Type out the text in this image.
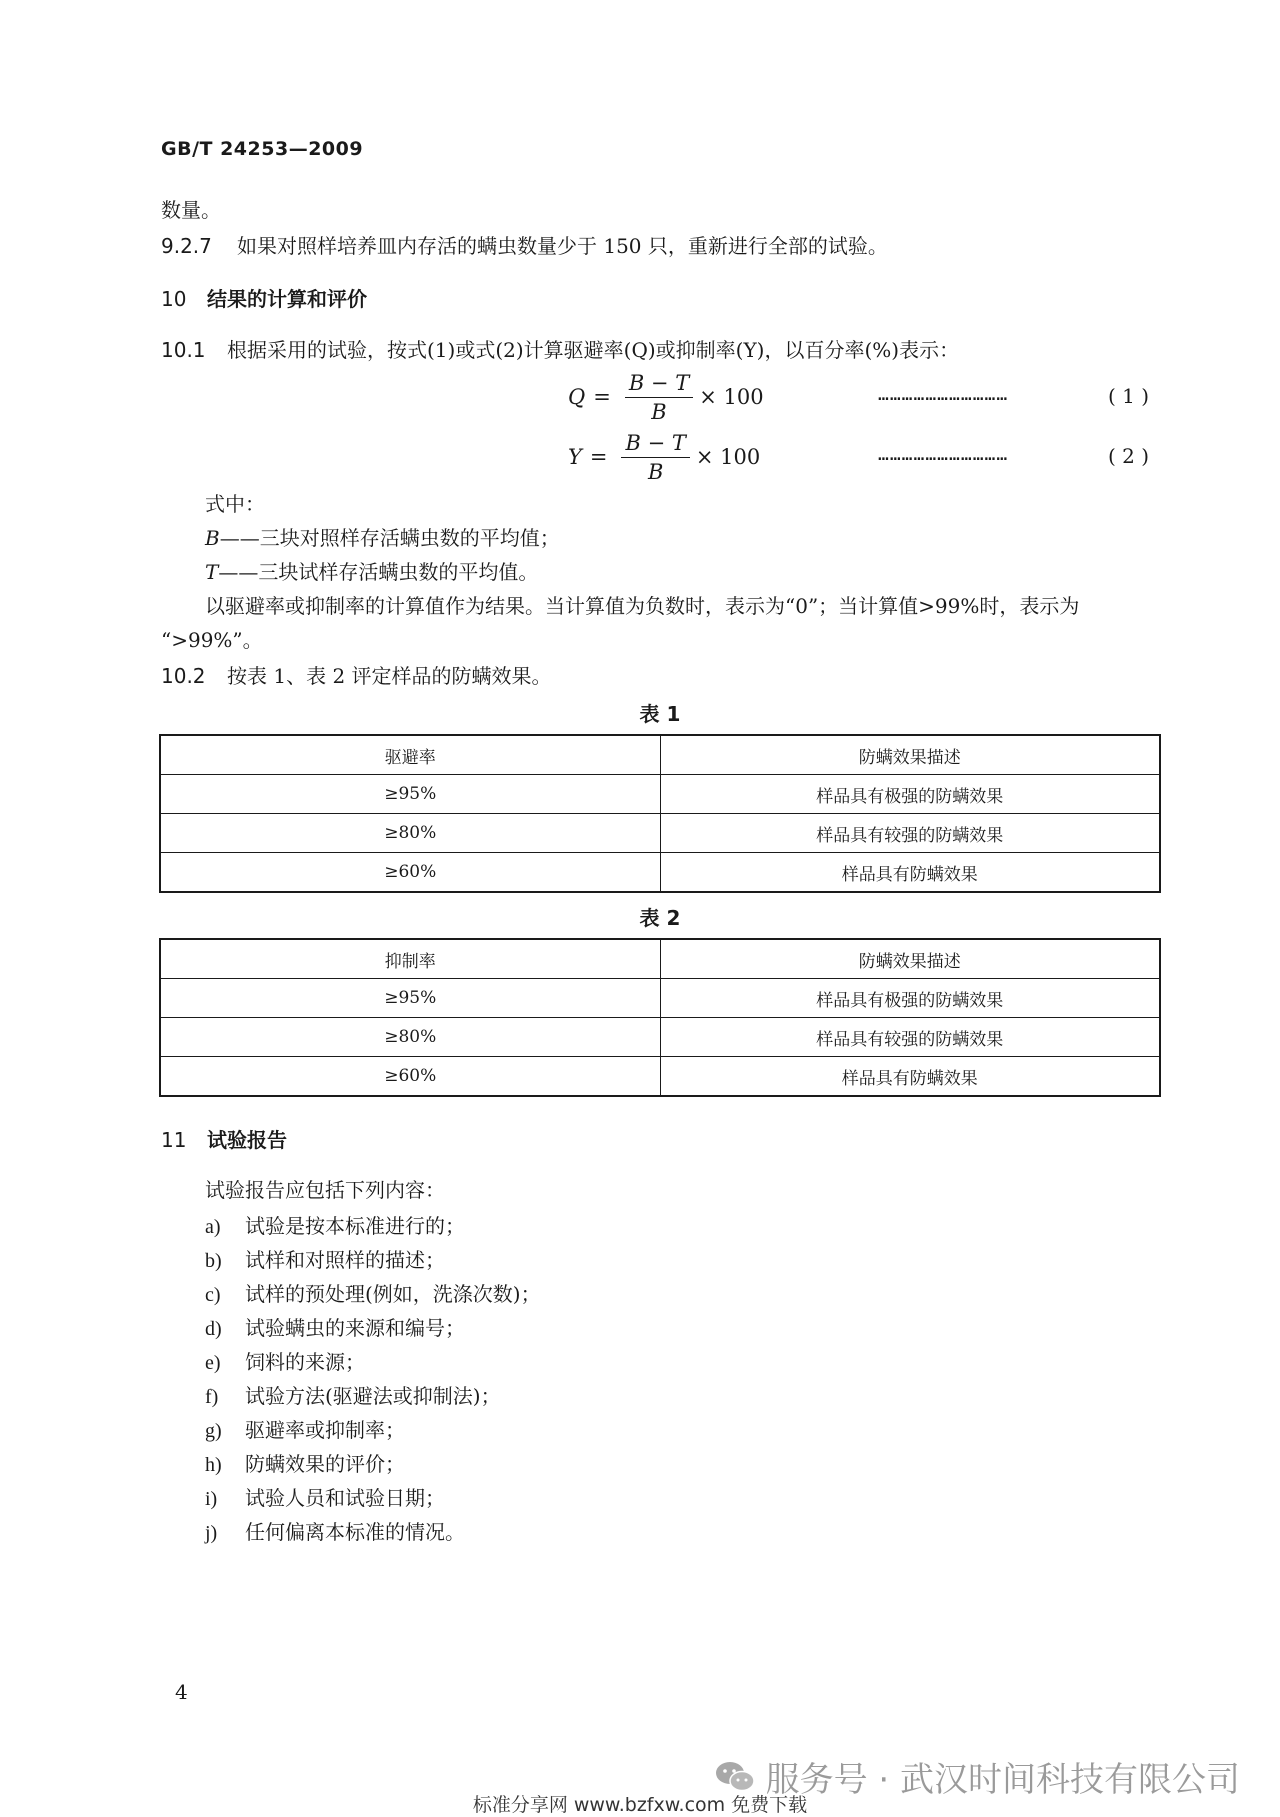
GB/T 24253—2009
数量。
9.2.7 如果对照样培养皿内存活的螨虫数量少于 150 只，重新进行全部的试验。
10 结果的计算和评价
10.1 根据采用的试验，按式(1)或式(2)计算驱避率(Q)或抑制率(Y)，以百分率(%)表示：
$Q = \frac{B - T}{B} \times 100$	……………………………	( 1 )
$Y = \frac{B - T}{B} \times 100$	……………………………	( 2 )
式中：
B——三块对照样存活螨虫数的平均值；
T——三块试样存活螨虫数的平均值。
以驱避率或抑制率的计算值作为结果。当计算值为负数时，表示为“0”；当计算值>99%时，表示为
“>99%”。
10.2 按表 1、表 2 评定样品的防螨效果。
表 1
驱避率	防螨效果描述
≥95%	样品具有极强的防螨效果
≥80%	样品具有较强的防螨效果
≥60%	样品具有防螨效果
表 2
抑制率	防螨效果描述
≥95%	样品具有极强的防螨效果
≥80%	样品具有较强的防螨效果
≥60%	样品具有防螨效果
11 试验报告
试验报告应包括下列内容：
a) 试验是按本标准进行的；
b) 试样和对照样的描述；
c) 试样的预处理(例如，洗涤次数)；
d) 试验螨虫的来源和编号；
e) 饲料的来源；
f) 试验方法(驱避法或抑制法)；
g) 驱避率或抑制率；
h) 防螨效果的评价；
i) 试验人员和试验日期；
j) 任何偏离本标准的情况。
4
服务号 · 武汉时间科技有限公司
标准分享网 www.bzfxw.com 免费下载
